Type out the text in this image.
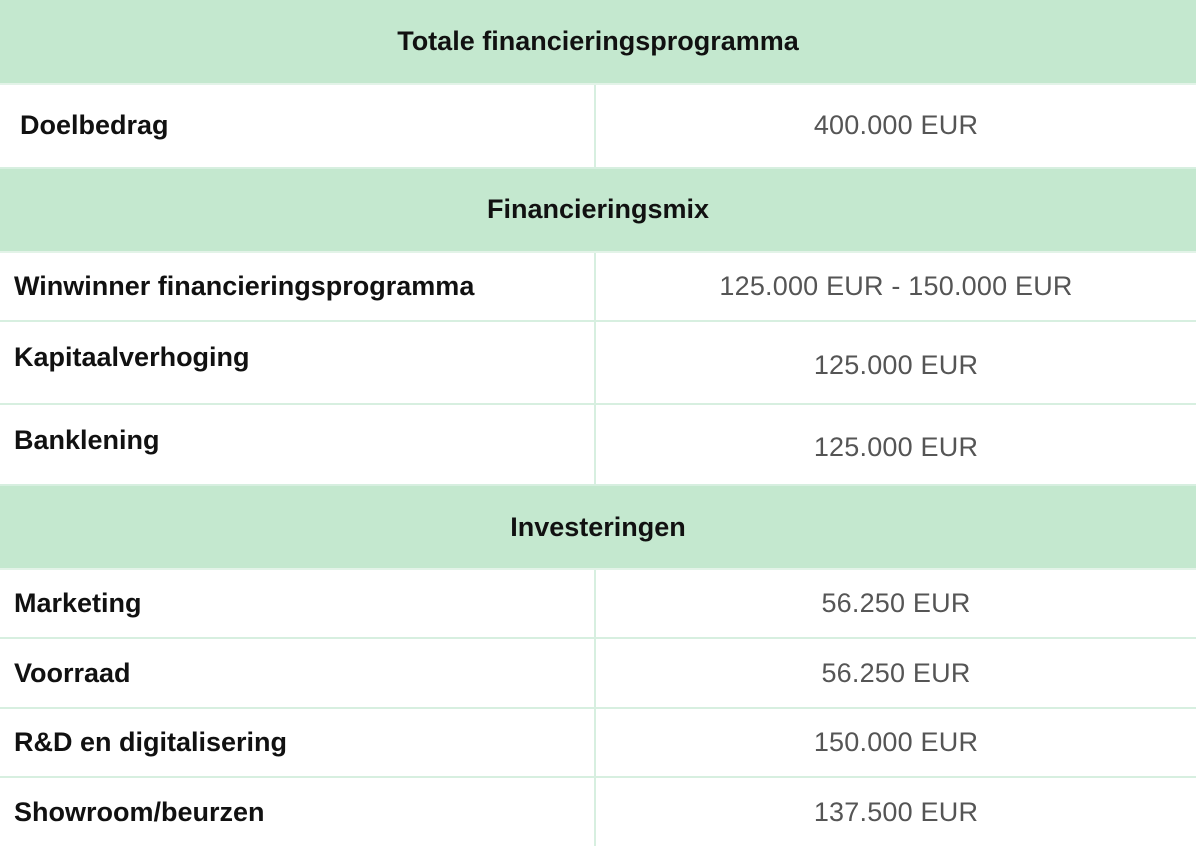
Totale financieringsprogramma
Doelbedrag	400.000 EUR
Financieringsmix
Winwinner financieringsprogramma	125.000 EUR - 150.000 EUR
Kapitaalverhoging	125.000 EUR
Banklening	125.000 EUR
Investeringen
Marketing	56.250 EUR
Voorraad	56.250 EUR
R&D en digitalisering	150.000 EUR
Showroom/beurzen	137.500 EUR
